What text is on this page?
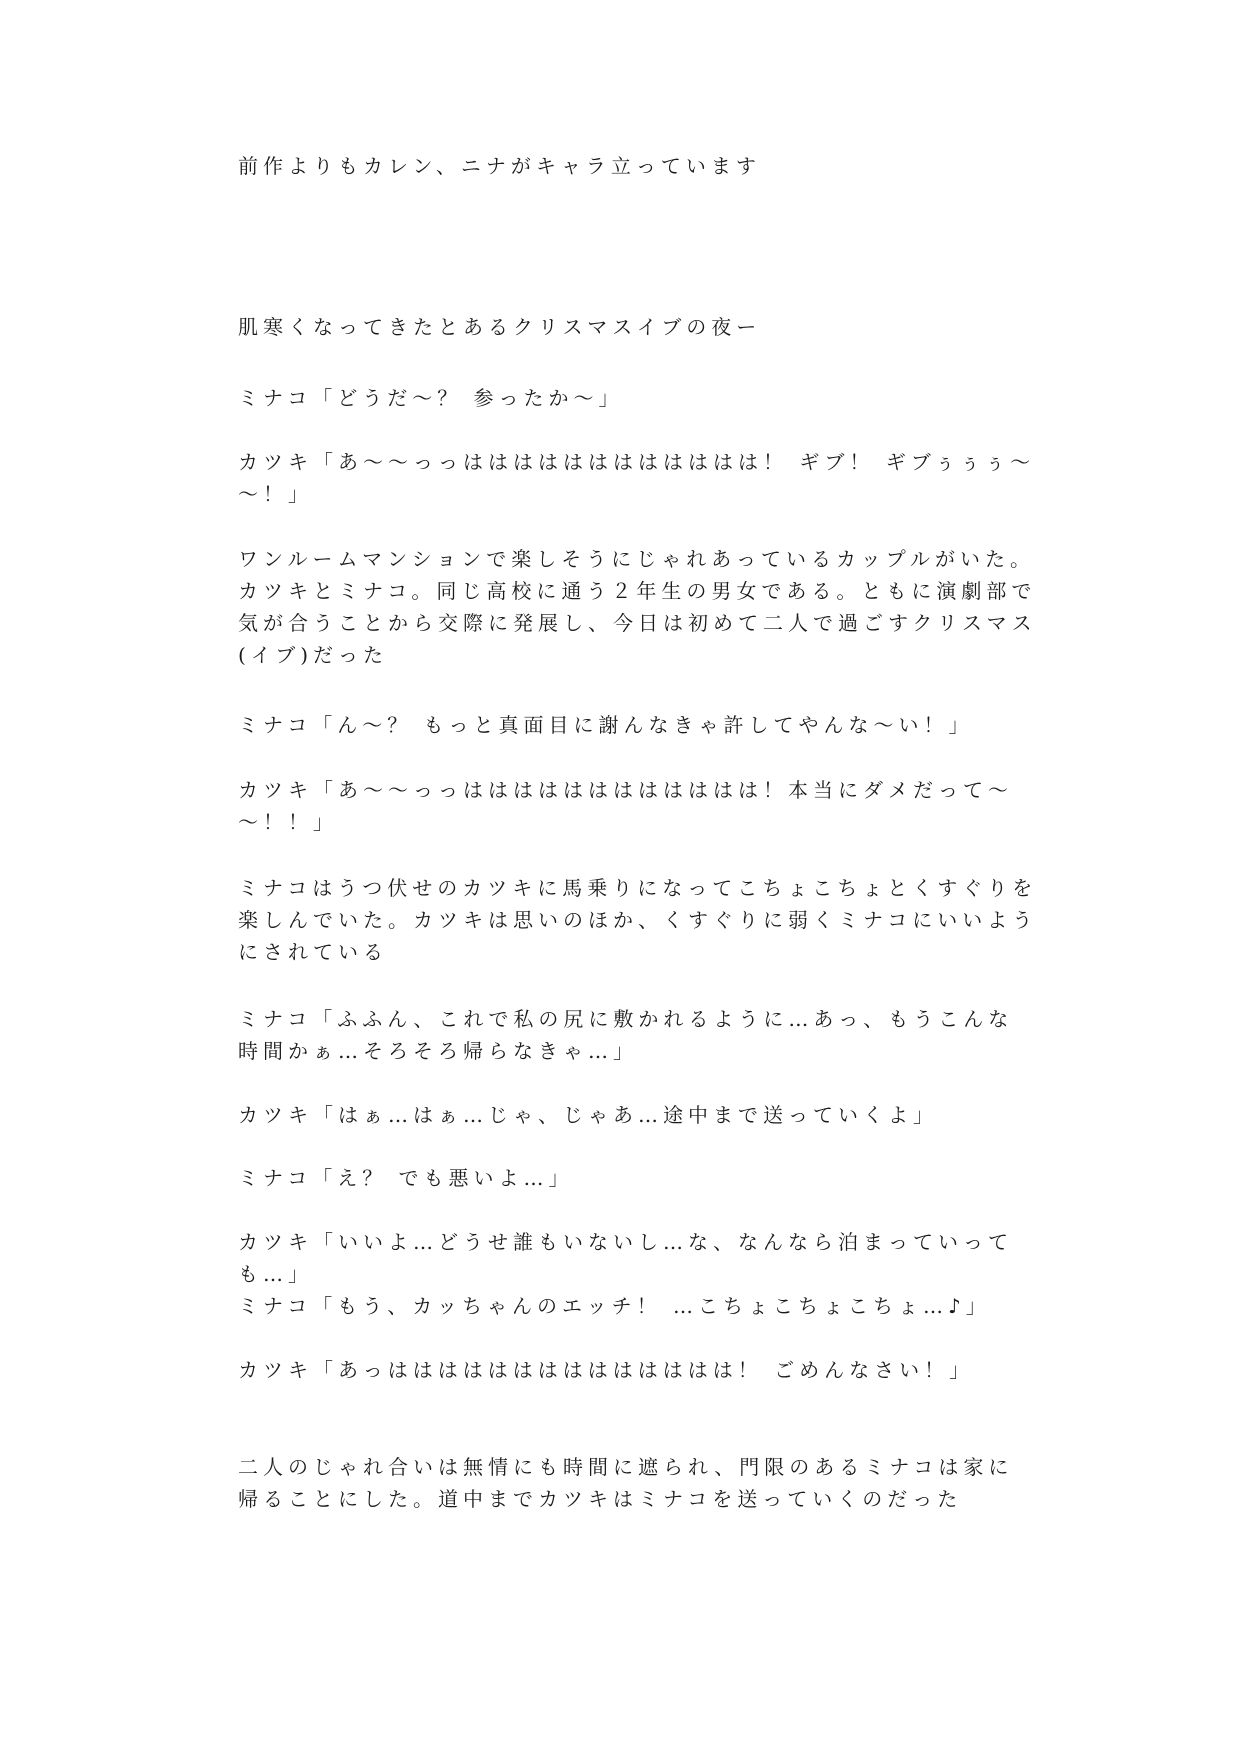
前作よりもカレン、ニナがキャラ立っています

肌寒くなってきたとあるクリスマスイブの夜ー

ミナコ「どうだ～？ 参ったか～」

カツキ「あ～～っっはははははははははははは！ ギブ！ ギブぅぅぅ～～！」

ワンルームマンションで楽しそうにじゃれあっているカップルがいた。カツキとミナコ。同じ高校に通う２年生の男女である。ともに演劇部で気が合うことから交際に発展し、今日は初めて二人で過ごすクリスマス(イブ)だった

ミナコ「ん～？ もっと真面目に謝んなきゃ許してやんな～い！」

カツキ「あ～～っっはははははははははははは！本当にダメだって～～！！」

ミナコはうつ伏せのカツキに馬乗りになってこちょこちょとくすぐりを楽しんでいた。カツキは思いのほか、くすぐりに弱くミナコにいいようにされている

ミナコ「ふふん、これで私の尻に敷かれるように…あっ、もうこんな時間かぁ…そろそろ帰らなきゃ…」

カツキ「はぁ…はぁ…じゃ、じゃあ…途中まで送っていくよ」

ミナコ「え？ でも悪いよ…」

カツキ「いいよ…どうせ誰もいないし…な、なんなら泊まっていっても…」

ミナコ「もう、カッちゃんのエッチ！ …こちょこちょこちょ…♪」

カツキ「あっはははははははははははははは！ ごめんなさい！」

二人のじゃれ合いは無情にも時間に遮られ、門限のあるミナコは家に帰ることにした。道中までカツキはミナコを送っていくのだった
